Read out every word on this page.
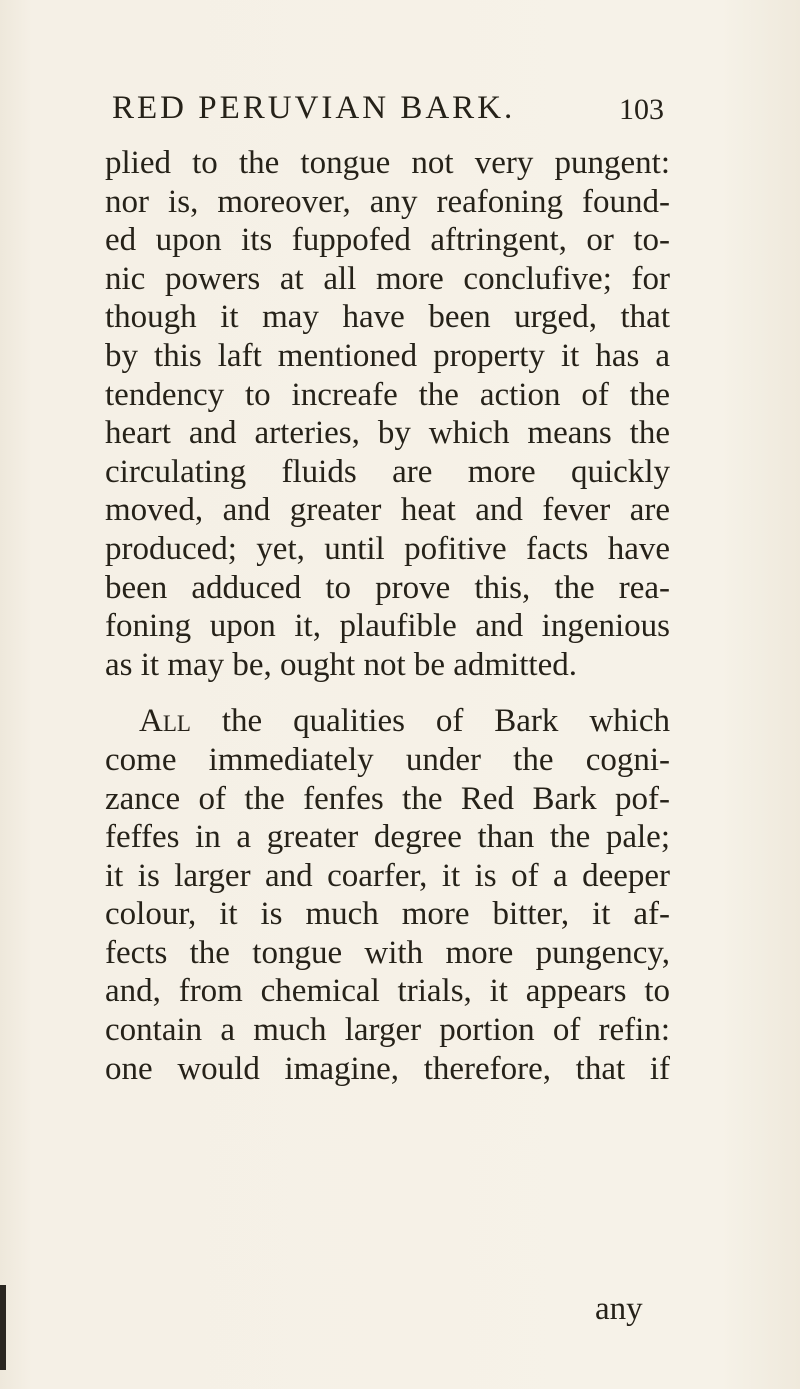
RED PERUVIAN BARK.	103
plied to the tongue not very pungent:
nor is, moreover, any reafoning found-
ed upon its fuppofed aftringent, or to-
nic powers at all more conclufive; for
though it may have been urged, that
by this laft mentioned property it has a
tendency to increafe the action of the
heart and arteries, by which means the
circulating fluids are more quickly
moved, and greater heat and fever are
produced; yet, until pofitive facts have
been adduced to prove this, the rea-
foning upon it, plaufible and ingenious
as it may be, ought not be admitted.
All the qualities of Bark which
come immediately under the cogni-
zance of the fenfes the Red Bark pof-
feffes in a greater degree than the pale;
it is larger and coarfer, it is of a deeper
colour, it is much more bitter, it af-
fects the tongue with more pungency,
and, from chemical trials, it appears to
contain a much larger portion of refin:
one would imagine, therefore, that if
any
